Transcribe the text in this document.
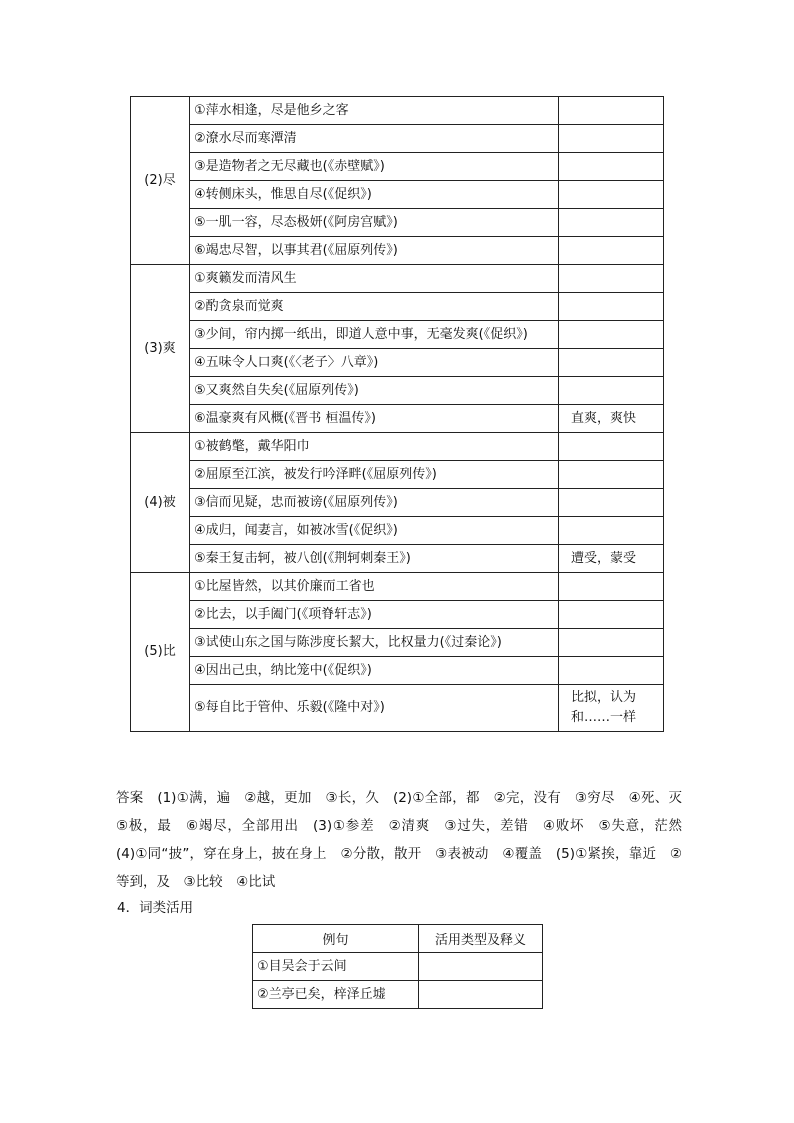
(2)尽	①萍水相逢，尽是他乡之客	
	②潦水尽而寒潭清	
	③是造物者之无尽藏也(《赤壁赋》)	
	④转侧床头，惟思自尽(《促织》)	
	⑤一肌一容，尽态极妍(《阿房宫赋》)	
	⑥竭忠尽智，以事其君(《屈原列传》)	
(3)爽	①爽籁发而清风生	
	②酌贪泉而觉爽	
	③少间，帘内掷一纸出，即道人意中事，无毫发爽(《促织》)	
	④五味令人口爽(《〈老子〉八章》)	
	⑤又爽然自失矣(《屈原列传》)	
	⑥温豪爽有风概(《晋书 桓温传》)	直爽，爽快
(4)被	①被鹤氅，戴华阳巾	
	②屈原至江滨，被发行吟泽畔(《屈原列传》)	
	③信而见疑，忠而被谤(《屈原列传》)	
	④成归，闻妻言，如被冰雪(《促织》)	
	⑤秦王复击轲，被八创(《荆轲刺秦王》)	遭受，蒙受
(5)比	①比屋皆然，以其价廉而工省也	
	②比去，以手阖门(《项脊轩志》)	
	③试使山东之国与陈涉度长絜大，比权量力(《过秦论》)	
	④因出己虫，纳比笼中(《促织》)	
	⑤每自比于管仲、乐毅(《隆中对》)	比拟，认为和……一样
答案　(1)①满，遍　②越，更加　③长，久　(2)①全部，都　②完，没有　③穷尽　④死、灭　⑤极，最　⑥竭尽，全部用出　(3)①参差　②清爽　③过失，差错　④败坏　⑤失意，茫然　(4)①同“披”，穿在身上，披在身上　②分散，散开　③表被动　④覆盖　(5)①紧挨，靠近　②等到，及　③比较　④比试
4．词类活用
例句	活用类型及释义
①目吴会于云间	
②兰亭已矣，梓泽丘墟	
